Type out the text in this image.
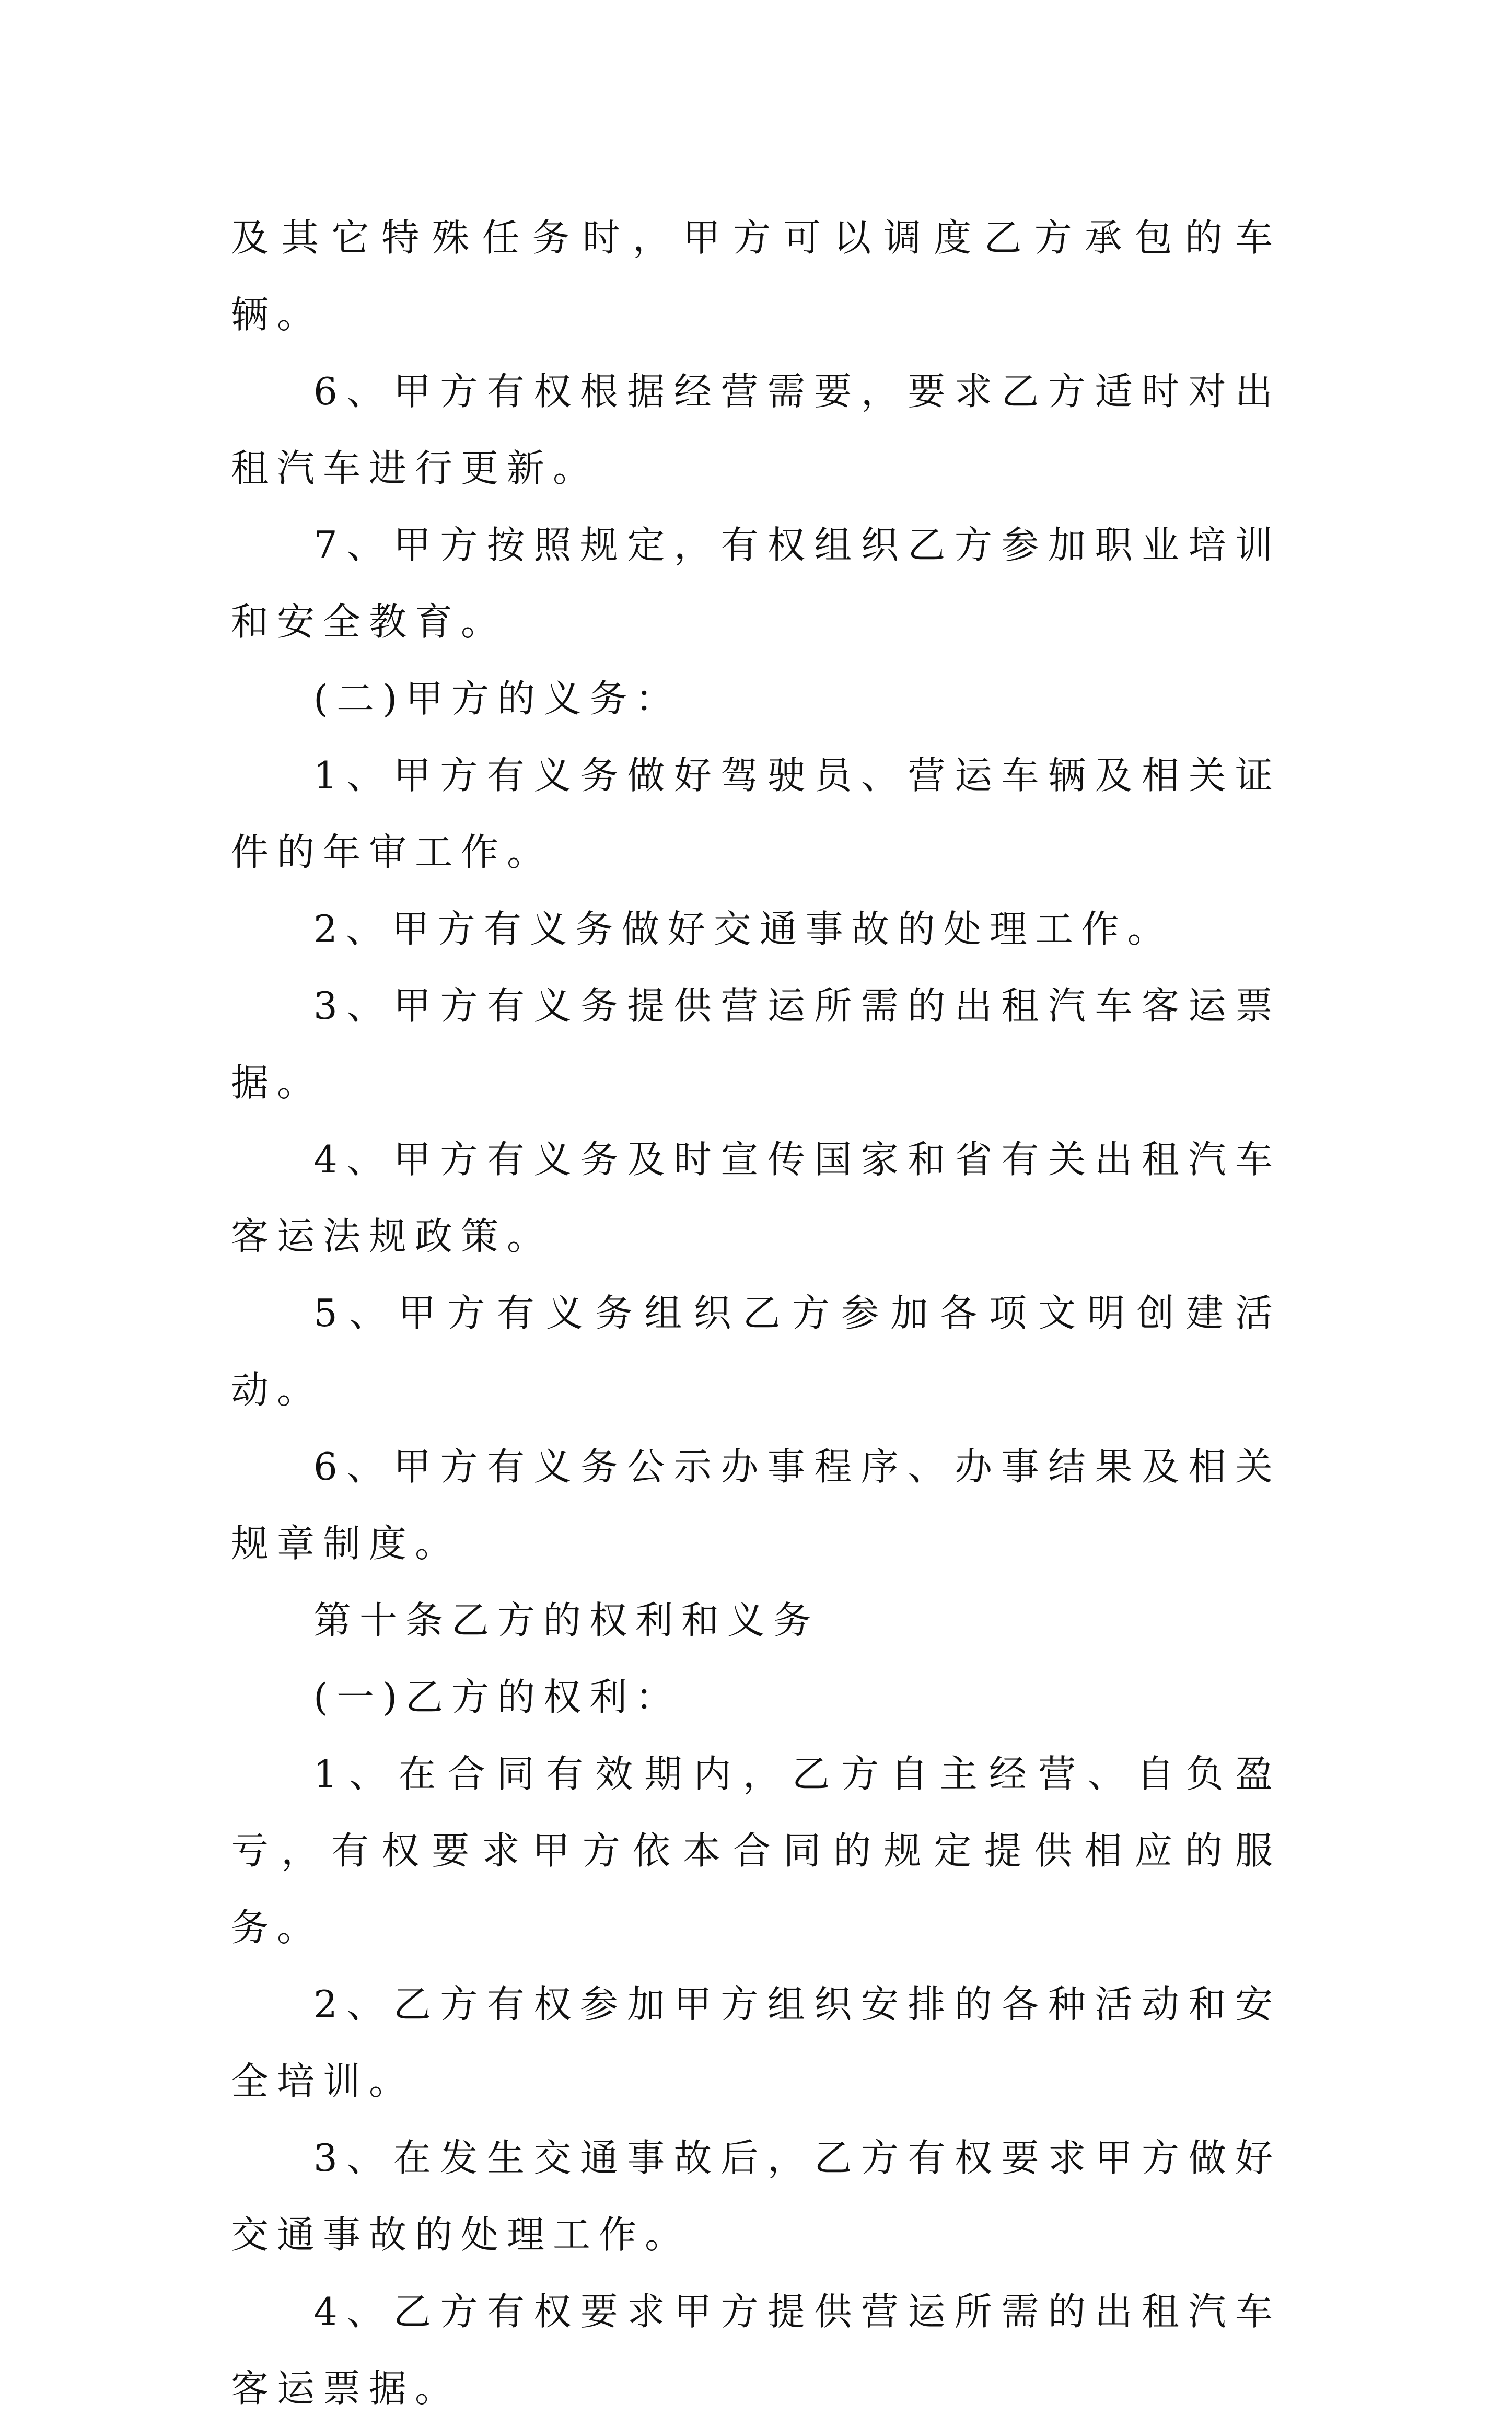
及其它特殊任务时，甲方可以调度乙方承包的车辆。

6、甲方有权根据经营需要，要求乙方适时对出租汽车进行更新。

7、甲方按照规定，有权组织乙方参加职业培训和安全教育。

(二)甲方的义务：

1、甲方有义务做好驾驶员、营运车辆及相关证件的年审工作。

2、甲方有义务做好交通事故的处理工作。

3、甲方有义务提供营运所需的出租汽车客运票据。

4、甲方有义务及时宣传国家和省有关出租汽车客运法规政策。

5、甲方有义务组织乙方参加各项文明创建活动。

6、甲方有义务公示办事程序、办事结果及相关规章制度。

第十条乙方的权利和义务

(一)乙方的权利：

1、在合同有效期内，乙方自主经营、自负盈亏，有权要求甲方依本合同的规定提供相应的服务。

2、乙方有权参加甲方组织安排的各种活动和安全培训。

3、在发生交通事故后，乙方有权要求甲方做好交通事故的处理工作。

4、乙方有权要求甲方提供营运所需的出租汽车客运票据。
